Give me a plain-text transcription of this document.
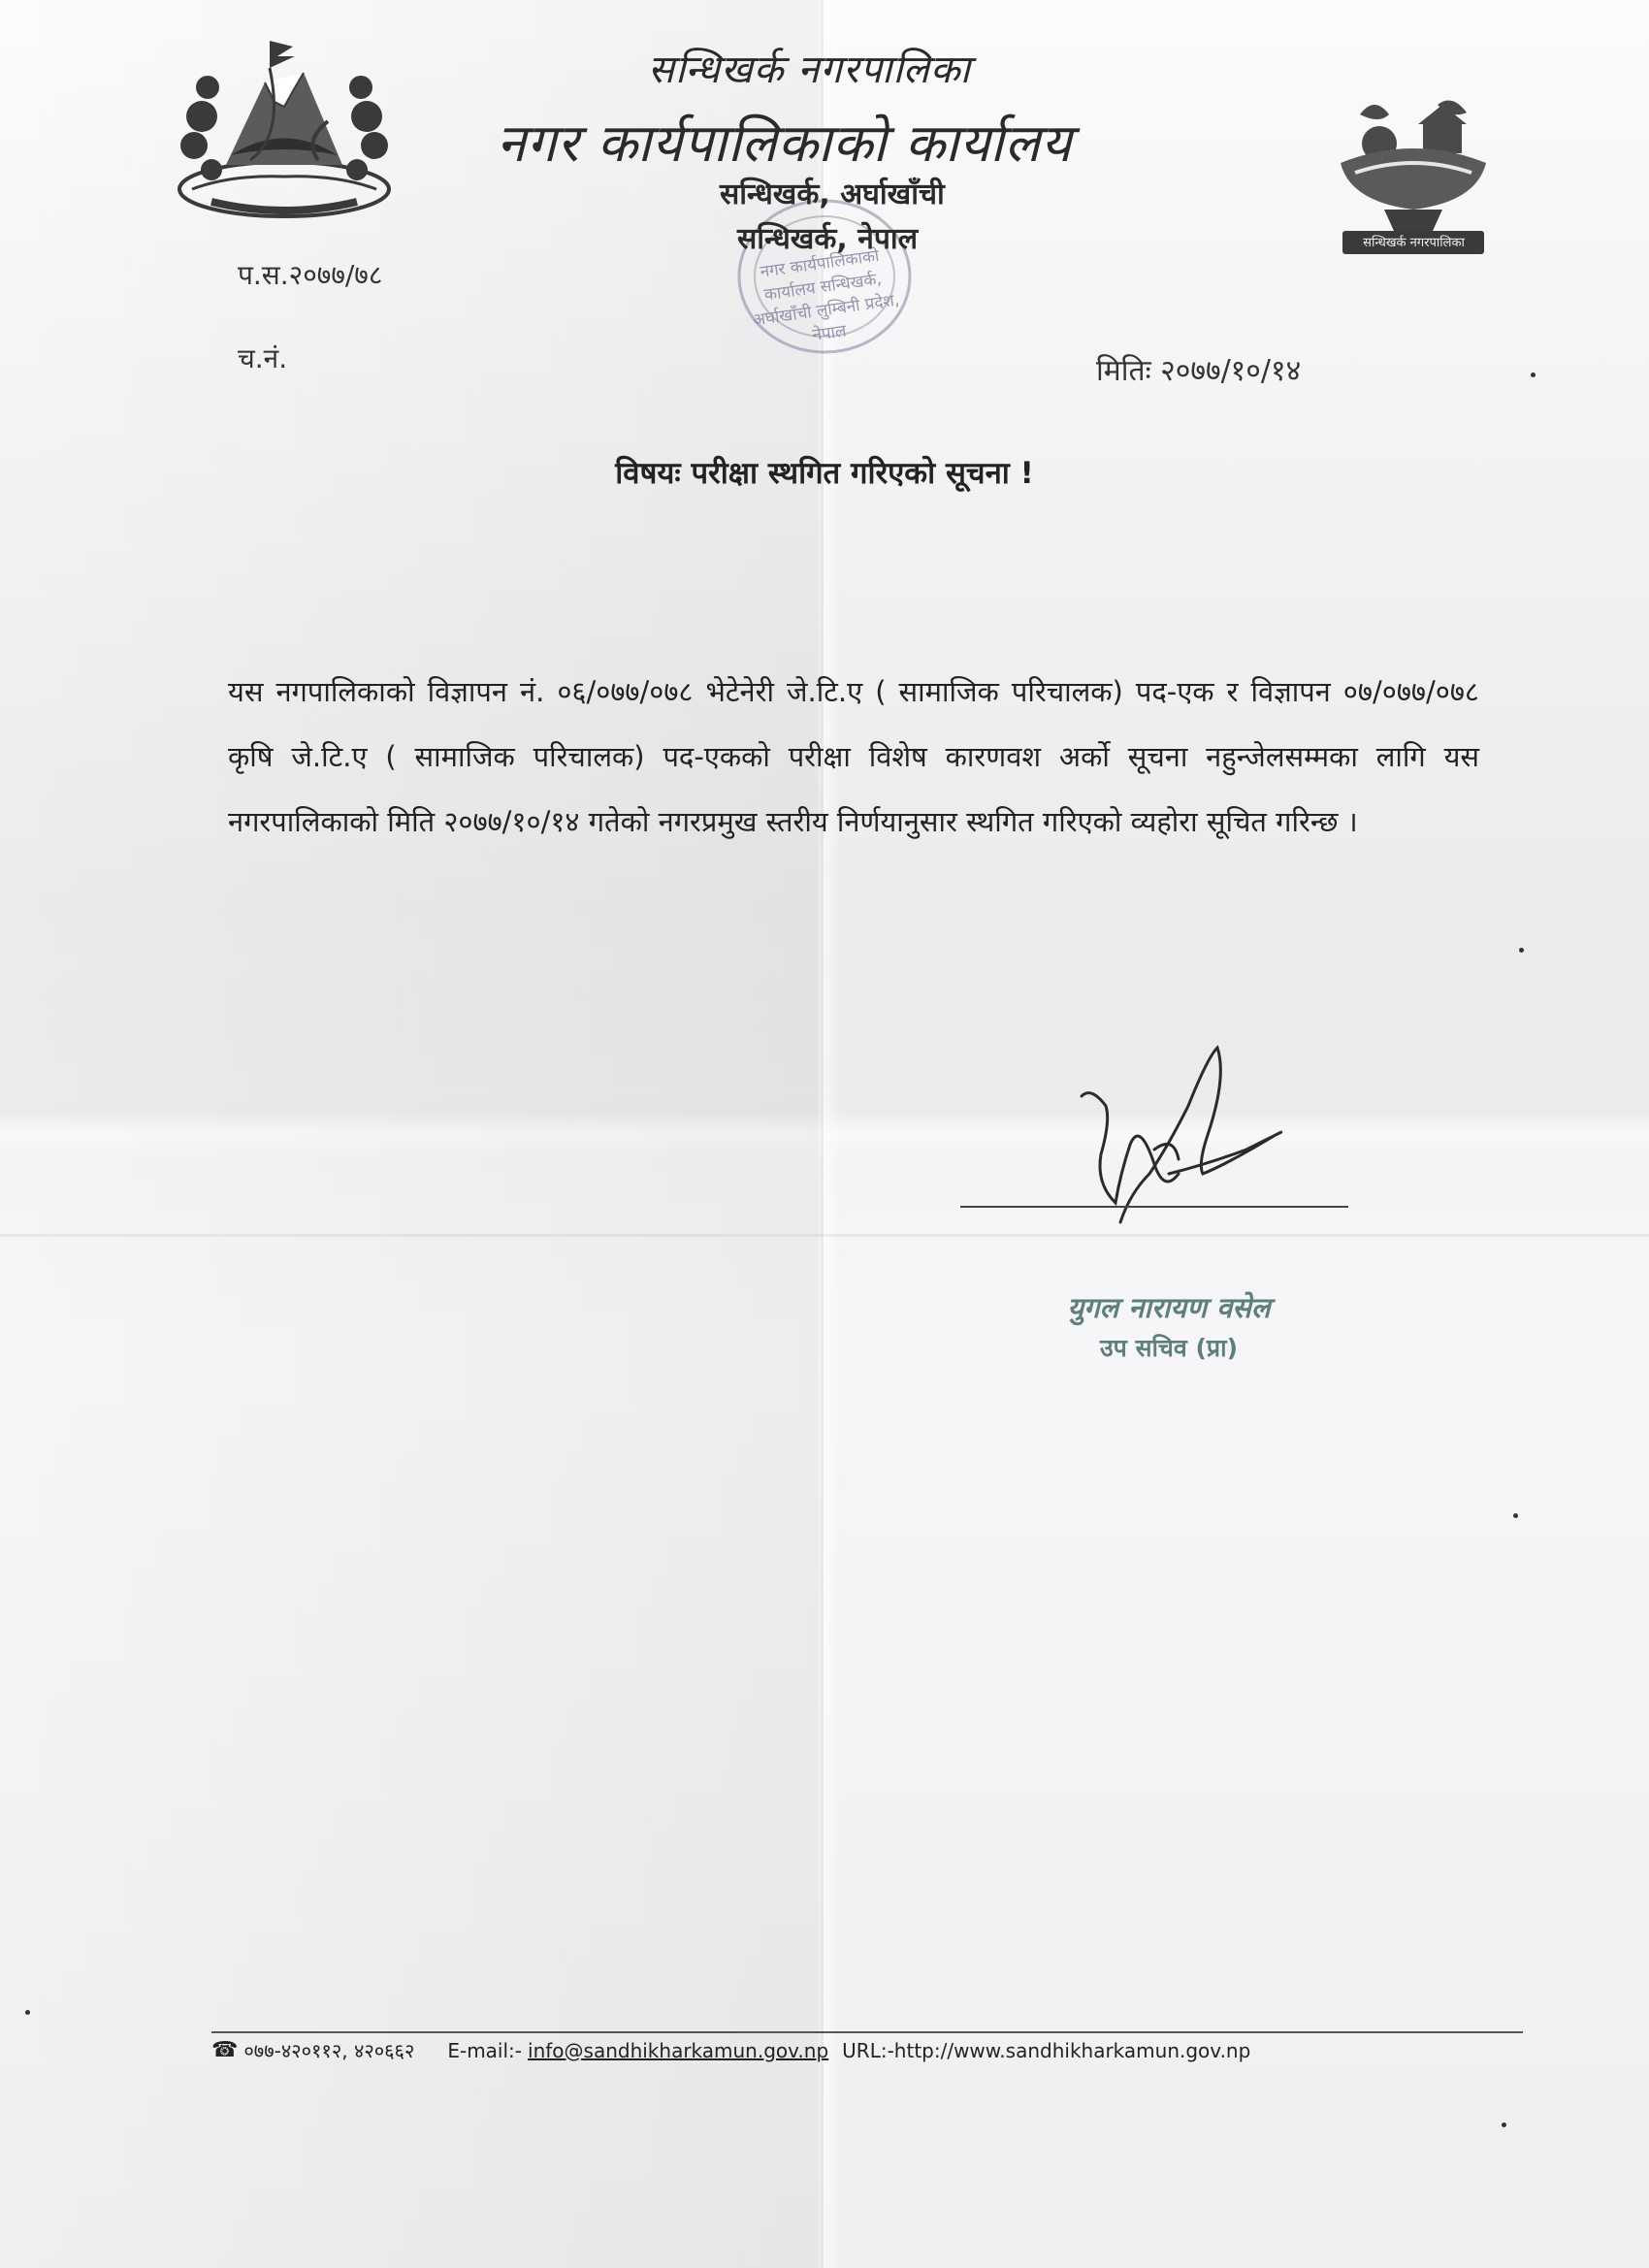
सन्धिखर्क नगरपालिका
नगर कार्यपालिकाको कार्यालय सन्धिखर्क, अर्घाखाँची लुम्बिनी प्रदेश, नेपाल
सन्धिखर्क नगरपालिका
नगर कार्यपालिकाको कार्यालय
सन्धिखर्क, अर्घाखाँची
सन्धिखर्क, नेपाल
प.स.२०७७/७८
च.नं.	मितिः २०७७/१०/१४
विषयः परीक्षा स्थगित गरिएको सूचना !

यस नगपालिकाको विज्ञापन नं. ०६/०७७/०७८ भेटेनेरी जे.टि.ए ( सामाजिक परिचालक) पद-एक र विज्ञापन ०७/०७७/०७८ कृषि जे.टि.ए ( सामाजिक परिचालक) पद-एकको परीक्षा विशेष कारणवश अर्को सूचना नहुन्जेलसम्मका लागि यस नगरपालिकाको मिति २०७७/१०/१४ गतेको नगरप्रमुख स्तरीय निर्णयानुसार स्थगित गरिएको व्यहोरा सूचित गरिन्छ ।

युगल नारायण वसेल
उप सचिव (प्रा)
☎ ०७७-४२०११२, ४२०६६२ E-mail:- info@sandhikharkamun.gov.np URL:-http://www.sandhikharkamun.gov.np
